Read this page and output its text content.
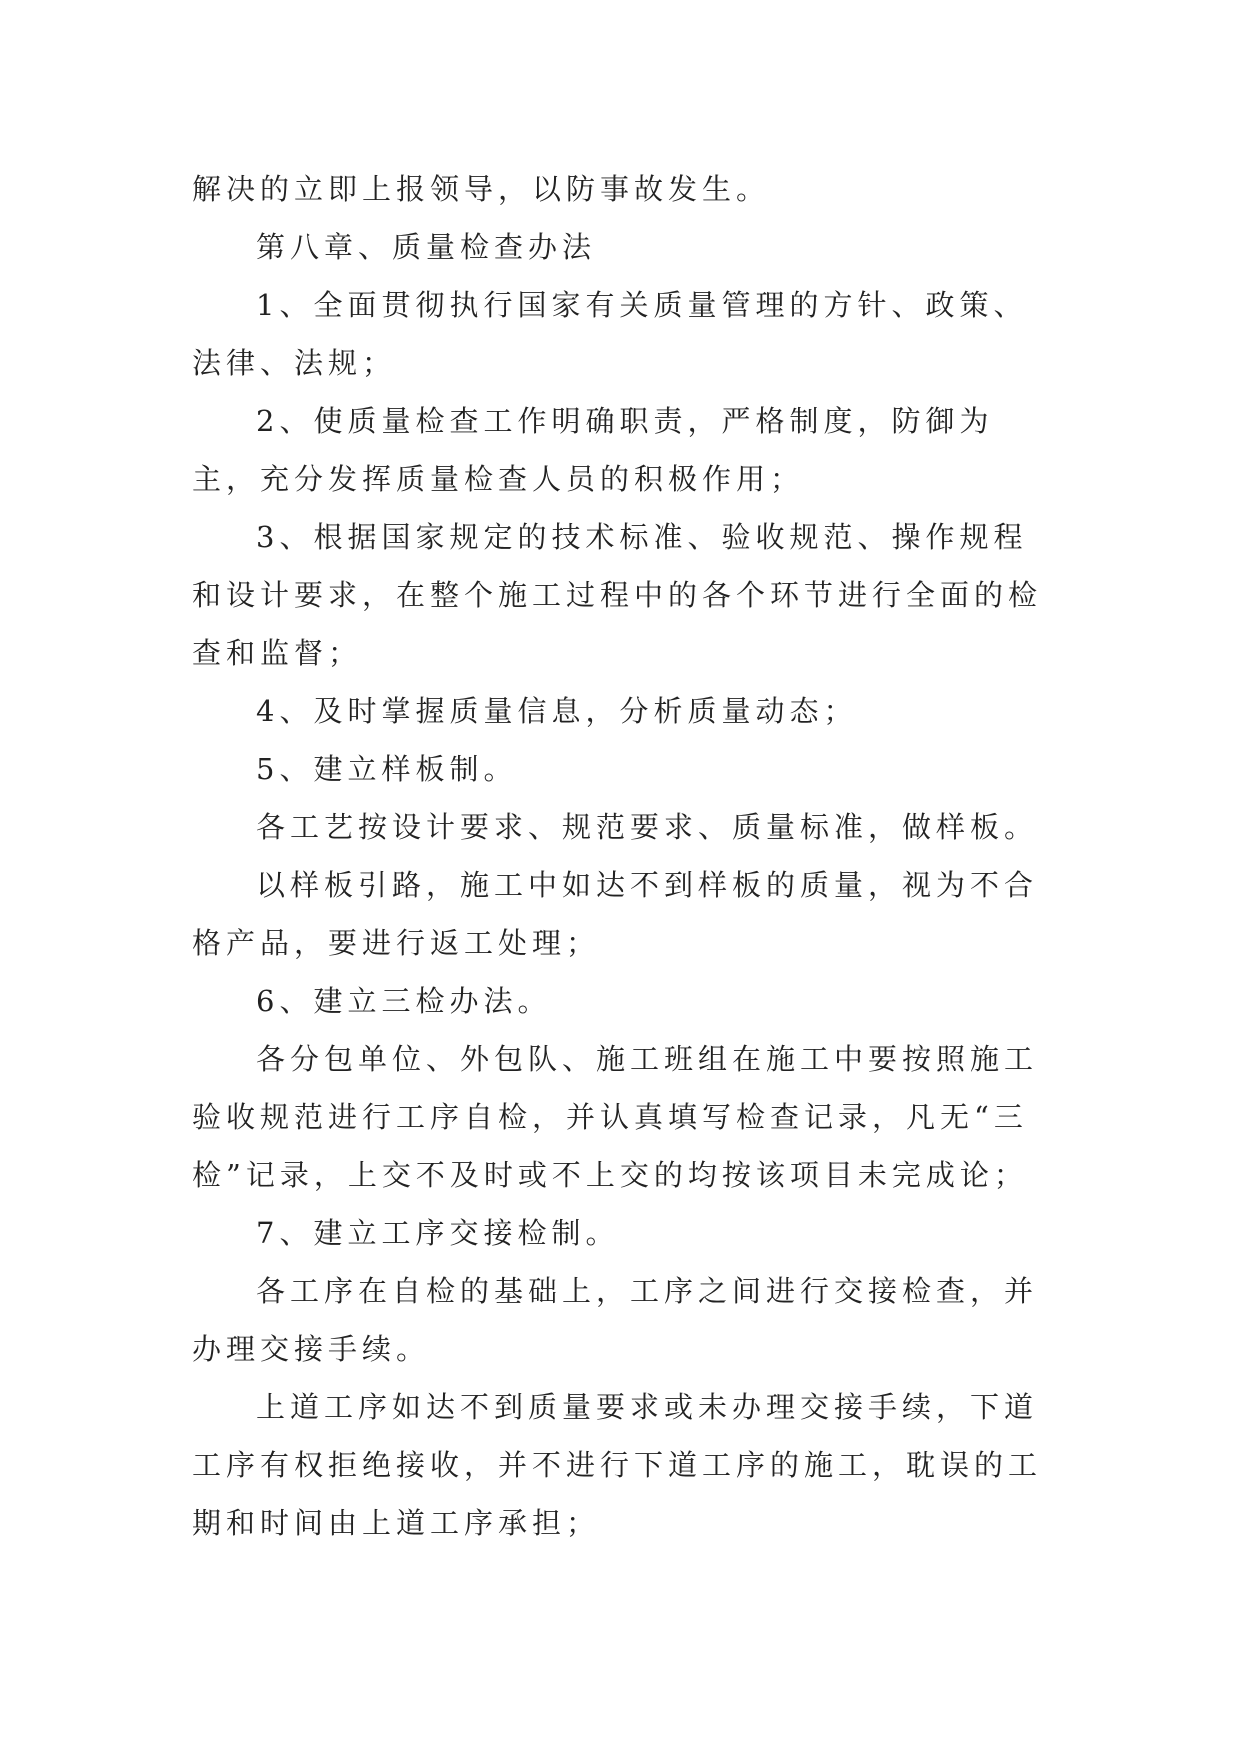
解决的立即上报领导，以防事故发生。

第八章、质量检查办法

1、全面贯彻执行国家有关质量管理的方针、政策、法律、法规；

2、使质量检查工作明确职责，严格制度，防御为主，充分发挥质量检查人员的积极作用；

3、根据国家规定的技术标准、验收规范、操作规程和设计要求，在整个施工过程中的各个环节进行全面的检查和监督；

4、及时掌握质量信息，分析质量动态；

5、建立样板制。

各工艺按设计要求、规范要求、质量标准，做样板。

以样板引路，施工中如达不到样板的质量，视为不合格产品，要进行返工处理；

6、建立三检办法。

各分包单位、外包队、施工班组在施工中要按照施工验收规范进行工序自检，并认真填写检查记录，凡无“三检”记录，上交不及时或不上交的均按该项目未完成论；

7、建立工序交接检制。

各工序在自检的基础上，工序之间进行交接检查，并办理交接手续。

上道工序如达不到质量要求或未办理交接手续，下道工序有权拒绝接收，并不进行下道工序的施工，耽误的工期和时间由上道工序承担；
